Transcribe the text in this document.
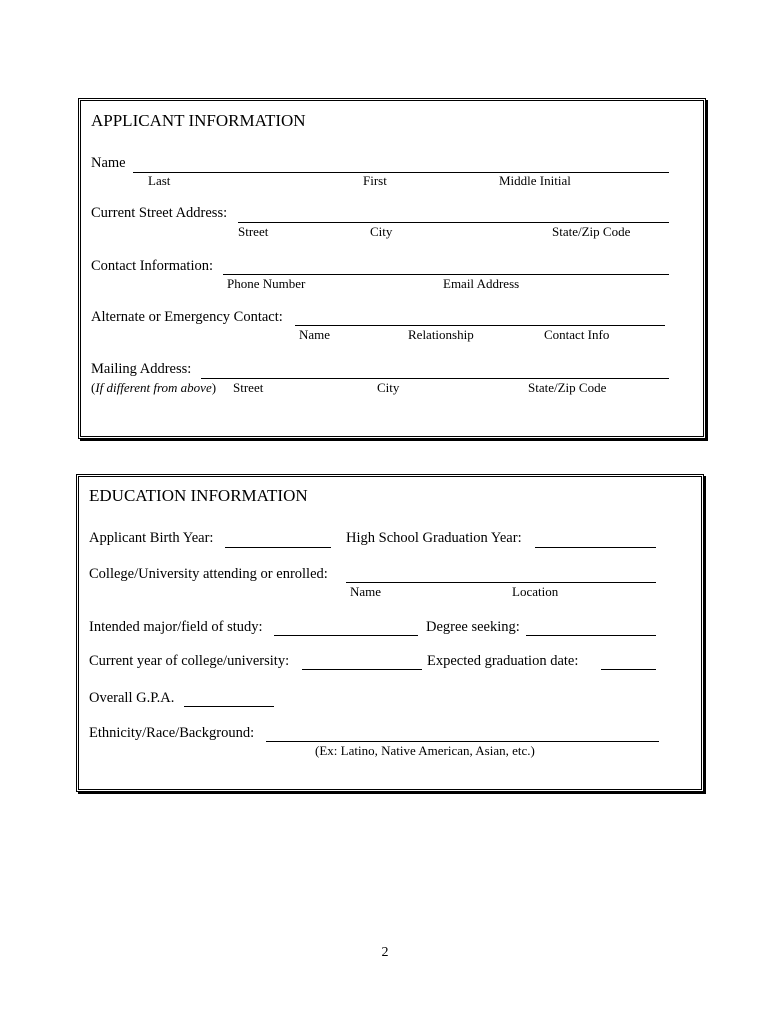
APPLICANT INFORMATION
Name
Last	First	Middle Initial
Current Street Address:
Street	City	State/Zip Code
Contact Information:
Phone Number	Email Address
Alternate or Emergency Contact:
Name	Relationship	Contact Info
Mailing Address:
(If different from above) Street	City	State/Zip Code
EDUCATION INFORMATION
Applicant Birth Year:	High School Graduation Year:
College/University attending or enrolled:
Name	Location
Intended major/field of study:	Degree seeking:
Current year of college/university:	Expected graduation date:
Overall G.P.A.
Ethnicity/Race/Background:
(Ex: Latino, Native American, Asian, etc.)
2
